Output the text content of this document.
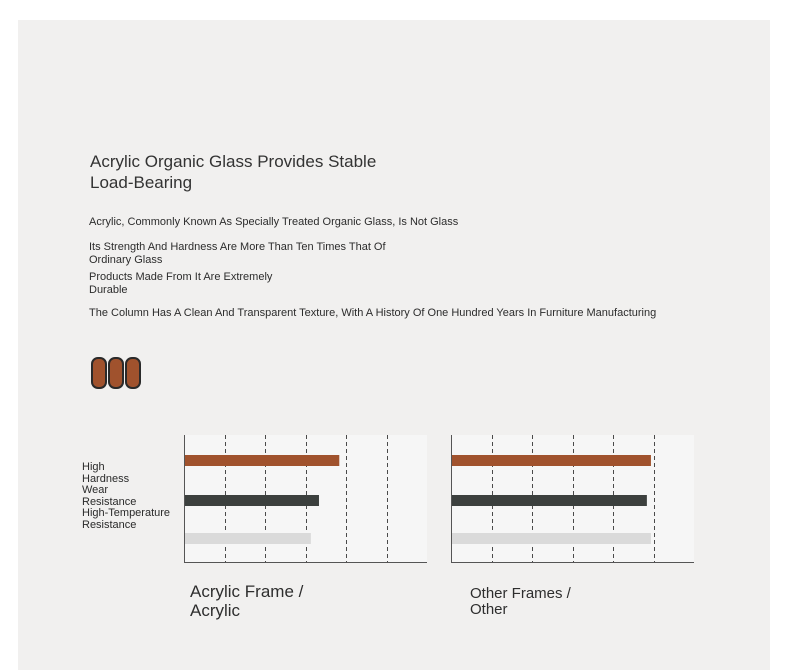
Acrylic Organic Glass Provides Stable
Load-Bearing
Acrylic, Commonly Known As Specially Treated Organic Glass, Is Not Glass
Its Strength And Hardness Are More Than Ten Times That Of
Ordinary Glass
Products Made From It Are Extremely
Durable
The Column Has A Clean And Transparent Texture, With A History Of One Hundred Years In Furniture Manufacturing
High
Hardness
Wear
Resistance
High-Temperature
Resistance
Acrylic Frame /
Acrylic
Other Frames /
Other
